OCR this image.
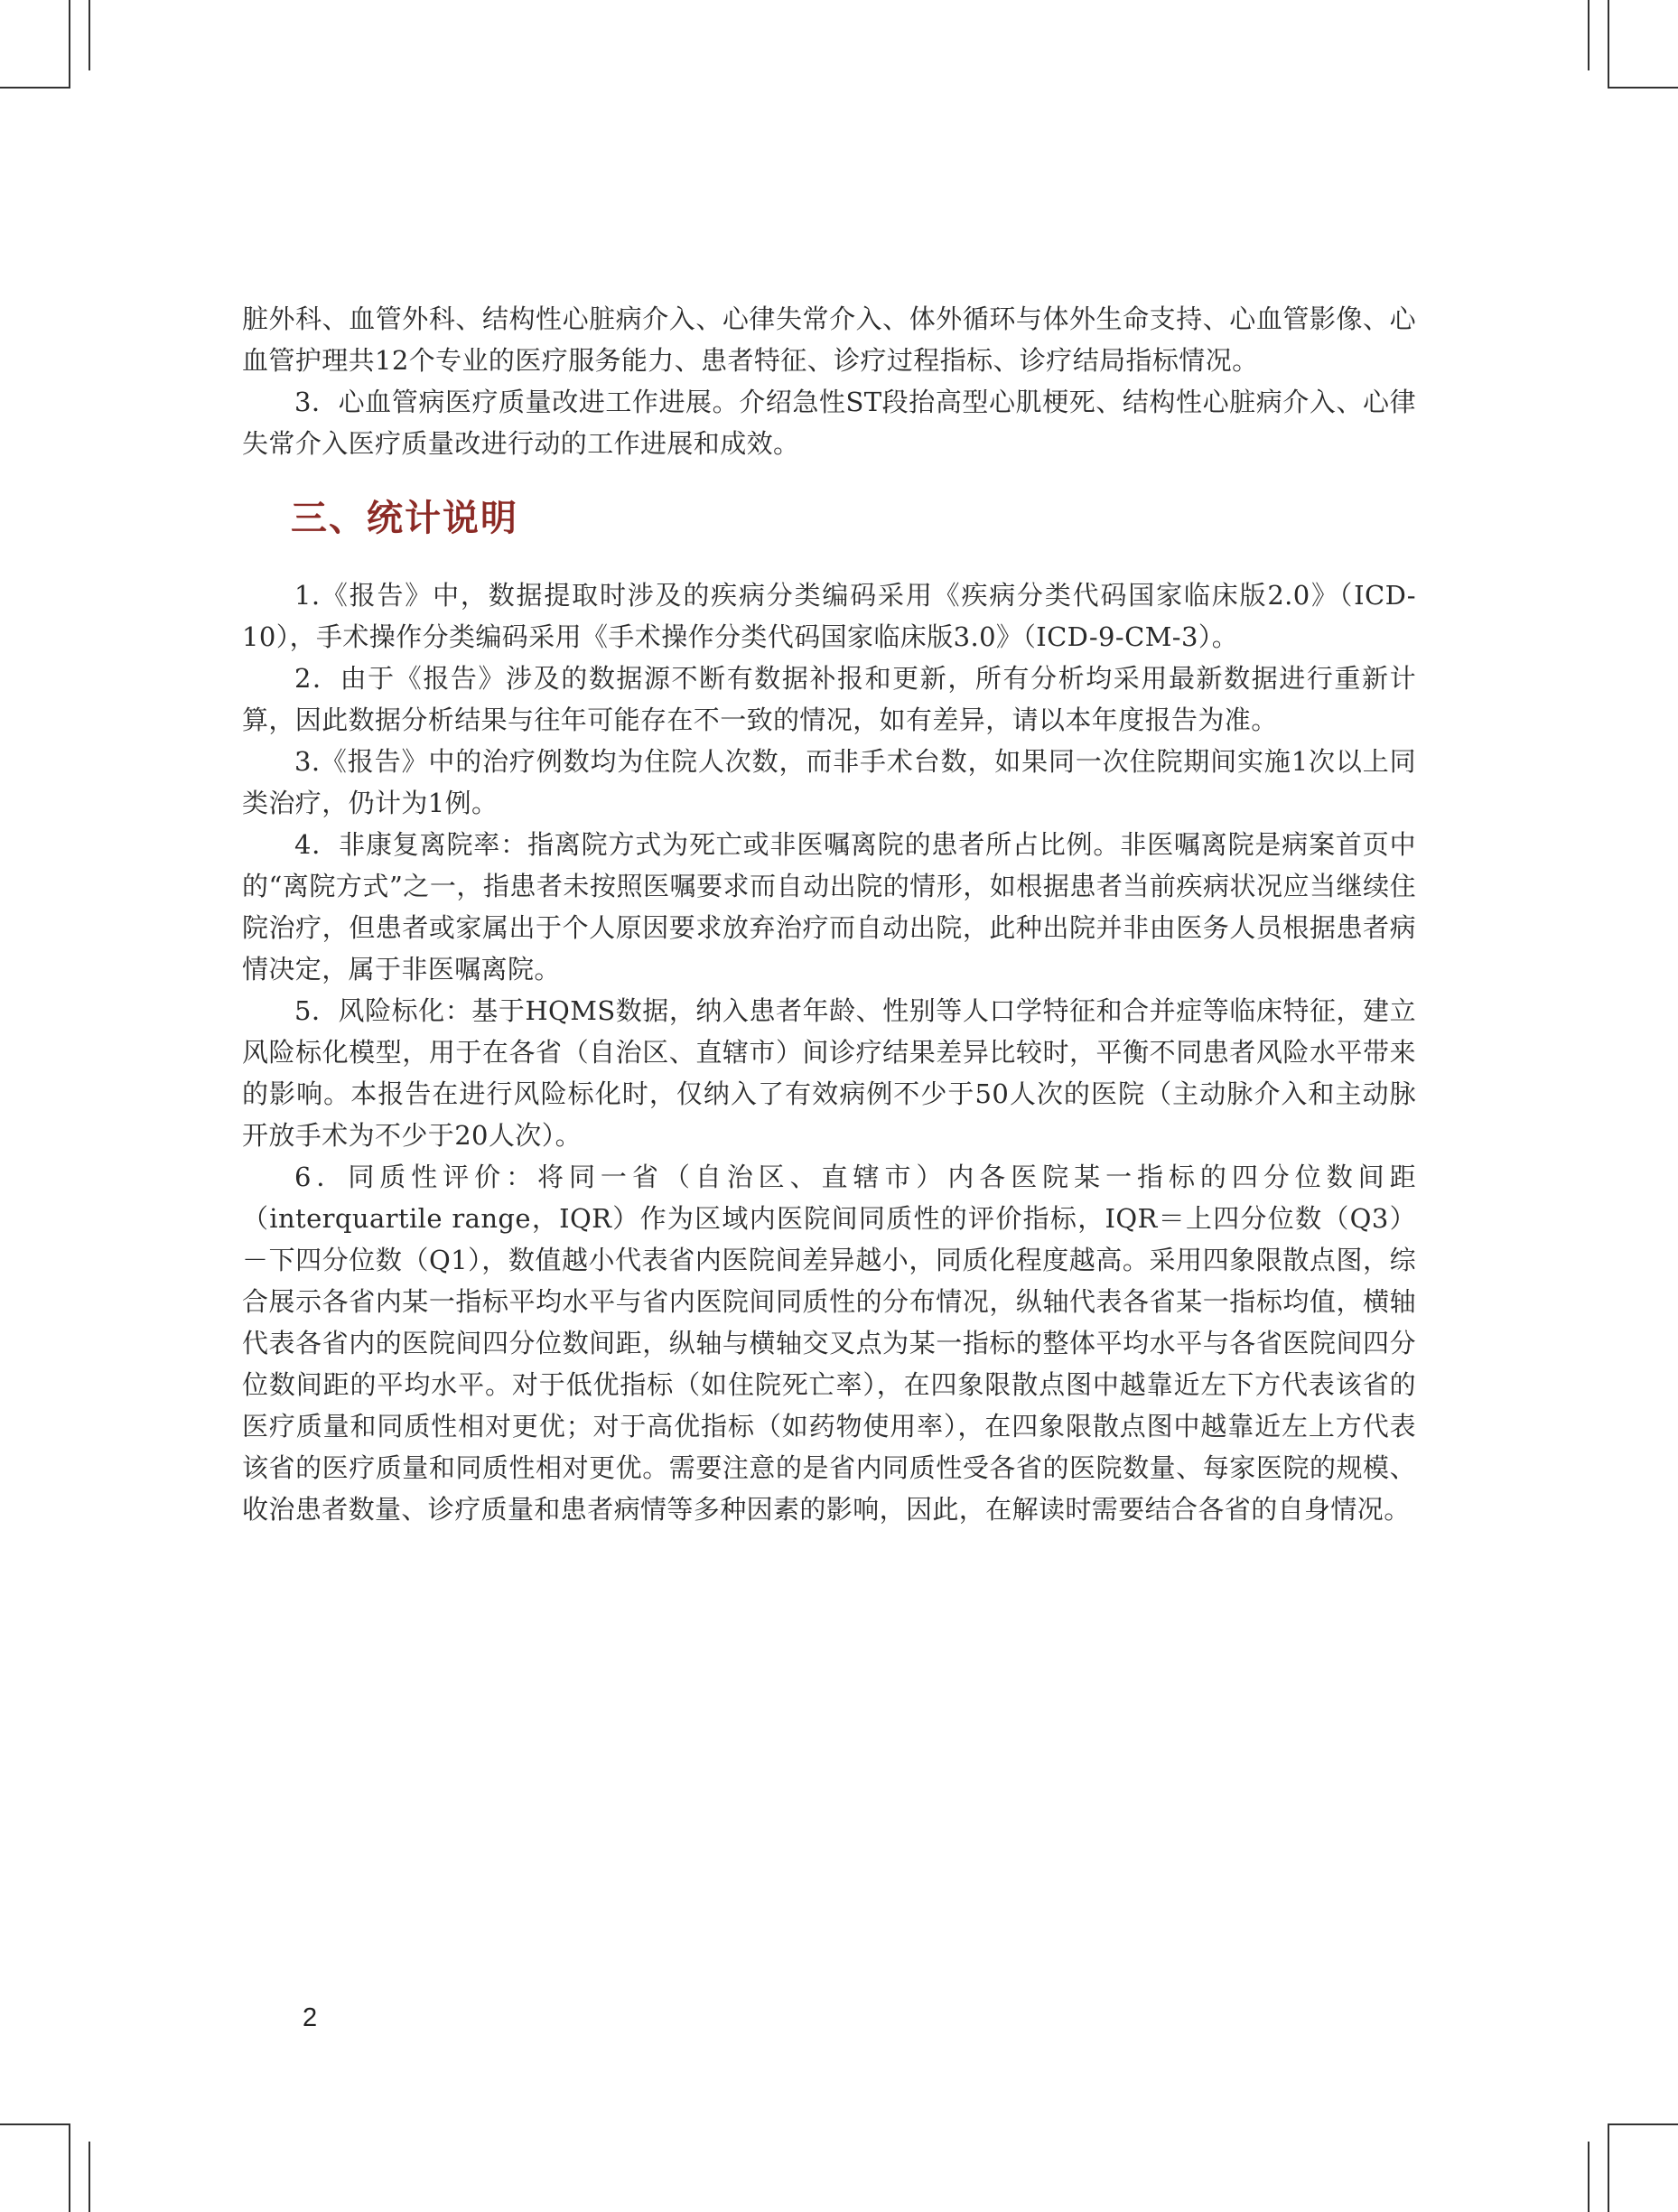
脏外科、血管外科、结构性心脏病介入、心律失常介入、体外循环与体外生命支持、心血管影像、心血管护理共12个专业的医疗服务能力、患者特征、诊疗过程指标、诊疗结局指标情况。

3．心血管病医疗质量改进工作进展。介绍急性ST段抬高型心肌梗死、结构性心脏病介入、心律失常介入医疗质量改进行动的工作进展和成效。

三、统计说明

1.《报告》中，数据提取时涉及的疾病分类编码采用《疾病分类代码国家临床版2.0》（ICD-10），手术操作分类编码采用《手术操作分类代码国家临床版3.0》（ICD-9-CM-3）。

2．由于《报告》涉及的数据源不断有数据补报和更新，所有分析均采用最新数据进行重新计算，因此数据分析结果与往年可能存在不一致的情况，如有差异，请以本年度报告为准。

3.《报告》中的治疗例数均为住院人次数，而非手术台数，如果同一次住院期间实施1次以上同类治疗，仍计为1例。

4．非康复离院率：指离院方式为死亡或非医嘱离院的患者所占比例。非医嘱离院是病案首页中的“离院方式”之一，指患者未按照医嘱要求而自动出院的情形，如根据患者当前疾病状况应当继续住院治疗，但患者或家属出于个人原因要求放弃治疗而自动出院，此种出院并非由医务人员根据患者病情决定，属于非医嘱离院。

5．风险标化：基于HQMS数据，纳入患者年龄、性别等人口学特征和合并症等临床特征，建立风险标化模型，用于在各省（自治区、直辖市）间诊疗结果差异比较时，平衡不同患者风险水平带来的影响。本报告在进行风险标化时，仅纳入了有效病例不少于50人次的医院（主动脉介入和主动脉开放手术为不少于20人次）。

6．同质性评价：将同一省（自治区、直辖市）内各医院某一指标的四分位数间距（interquartile range，IQR）作为区域内医院间同质性的评价指标，IQR＝上四分位数（Q3）－下四分位数（Q1），数值越小代表省内医院间差异越小，同质化程度越高。采用四象限散点图，综合展示各省内某一指标平均水平与省内医院间同质性的分布情况，纵轴代表各省某一指标均值，横轴代表各省内的医院间四分位数间距，纵轴与横轴交叉点为某一指标的整体平均水平与各省医院间四分位数间距的平均水平。对于低优指标（如住院死亡率），在四象限散点图中越靠近左下方代表该省的医疗质量和同质性相对更优；对于高优指标（如药物使用率），在四象限散点图中越靠近左上方代表该省的医疗质量和同质性相对更优。需要注意的是省内同质性受各省的医院数量、每家医院的规模、收治患者数量、诊疗质量和患者病情等多种因素的影响，因此，在解读时需要结合各省的自身情况。

2
